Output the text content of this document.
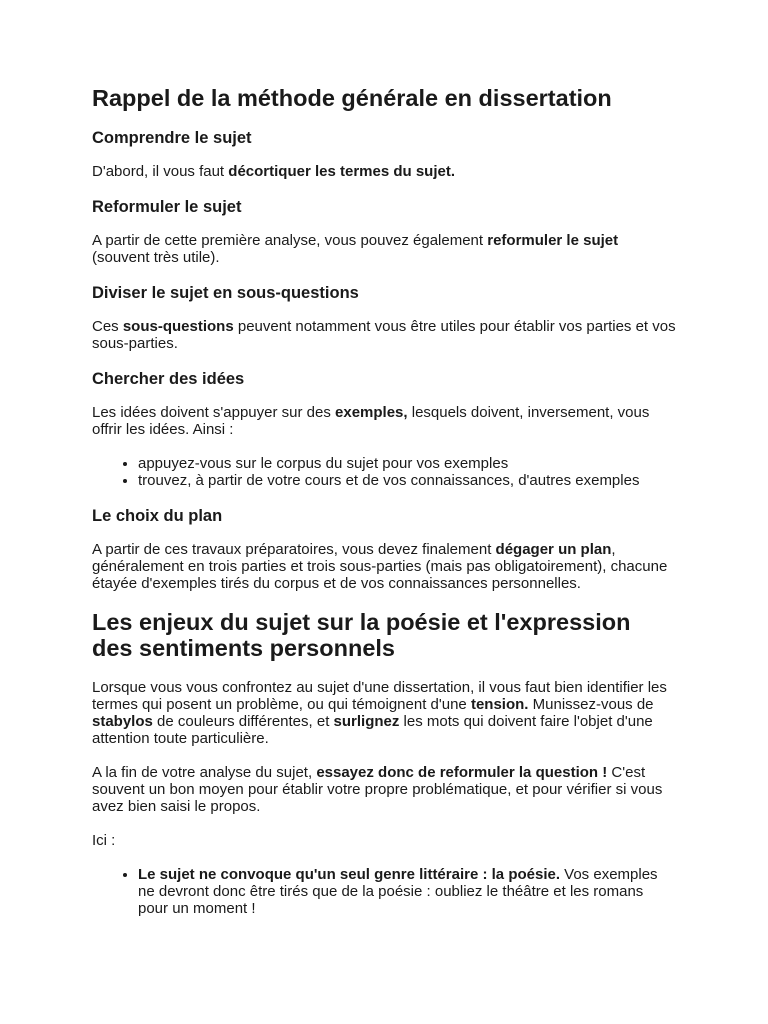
Rappel de la méthode générale en dissertation
Comprendre le sujet

D'abord, il vous faut décortiquer les termes du sujet.

Reformuler le sujet

A partir de cette première analyse, vous pouvez également reformuler le sujet (souvent très utile).

Diviser le sujet en sous-questions

Ces sous-questions peuvent notamment vous être utiles pour établir vos parties et vos sous-parties.

Chercher des idées

Les idées doivent s'appuyer sur des exemples, lesquels doivent, inversement, vous offrir les idées. Ainsi :

• appuyez-vous sur le corpus du sujet pour vos exemples
• trouvez, à partir de votre cours et de vos connaissances, d'autres exemples
Le choix du plan

A partir de ces travaux préparatoires, vous devez finalement dégager un plan, généralement en trois parties et trois sous-parties (mais pas obligatoirement), chacune étayée d'exemples tirés du corpus et de vos connaissances personnelles.

Les enjeux du sujet sur la poésie et l'expression des sentiments personnels

Lorsque vous vous confrontez au sujet d'une dissertation, il vous faut bien identifier les termes qui posent un problème, ou qui témoignent d'une tension. Munissez-vous de stabylos de couleurs différentes, et surlignez les mots qui doivent faire l'objet d'une attention toute particulière.

A la fin de votre analyse du sujet, essayez donc de reformuler la question ! C'est souvent un bon moyen pour établir votre propre problématique, et pour vérifier si vous avez bien saisi le propos.

Ici :

• Le sujet ne convoque qu'un seul genre littéraire : la poésie. Vos exemples ne devront donc être tirés que de la poésie : oubliez le théâtre et les romans pour un moment !
